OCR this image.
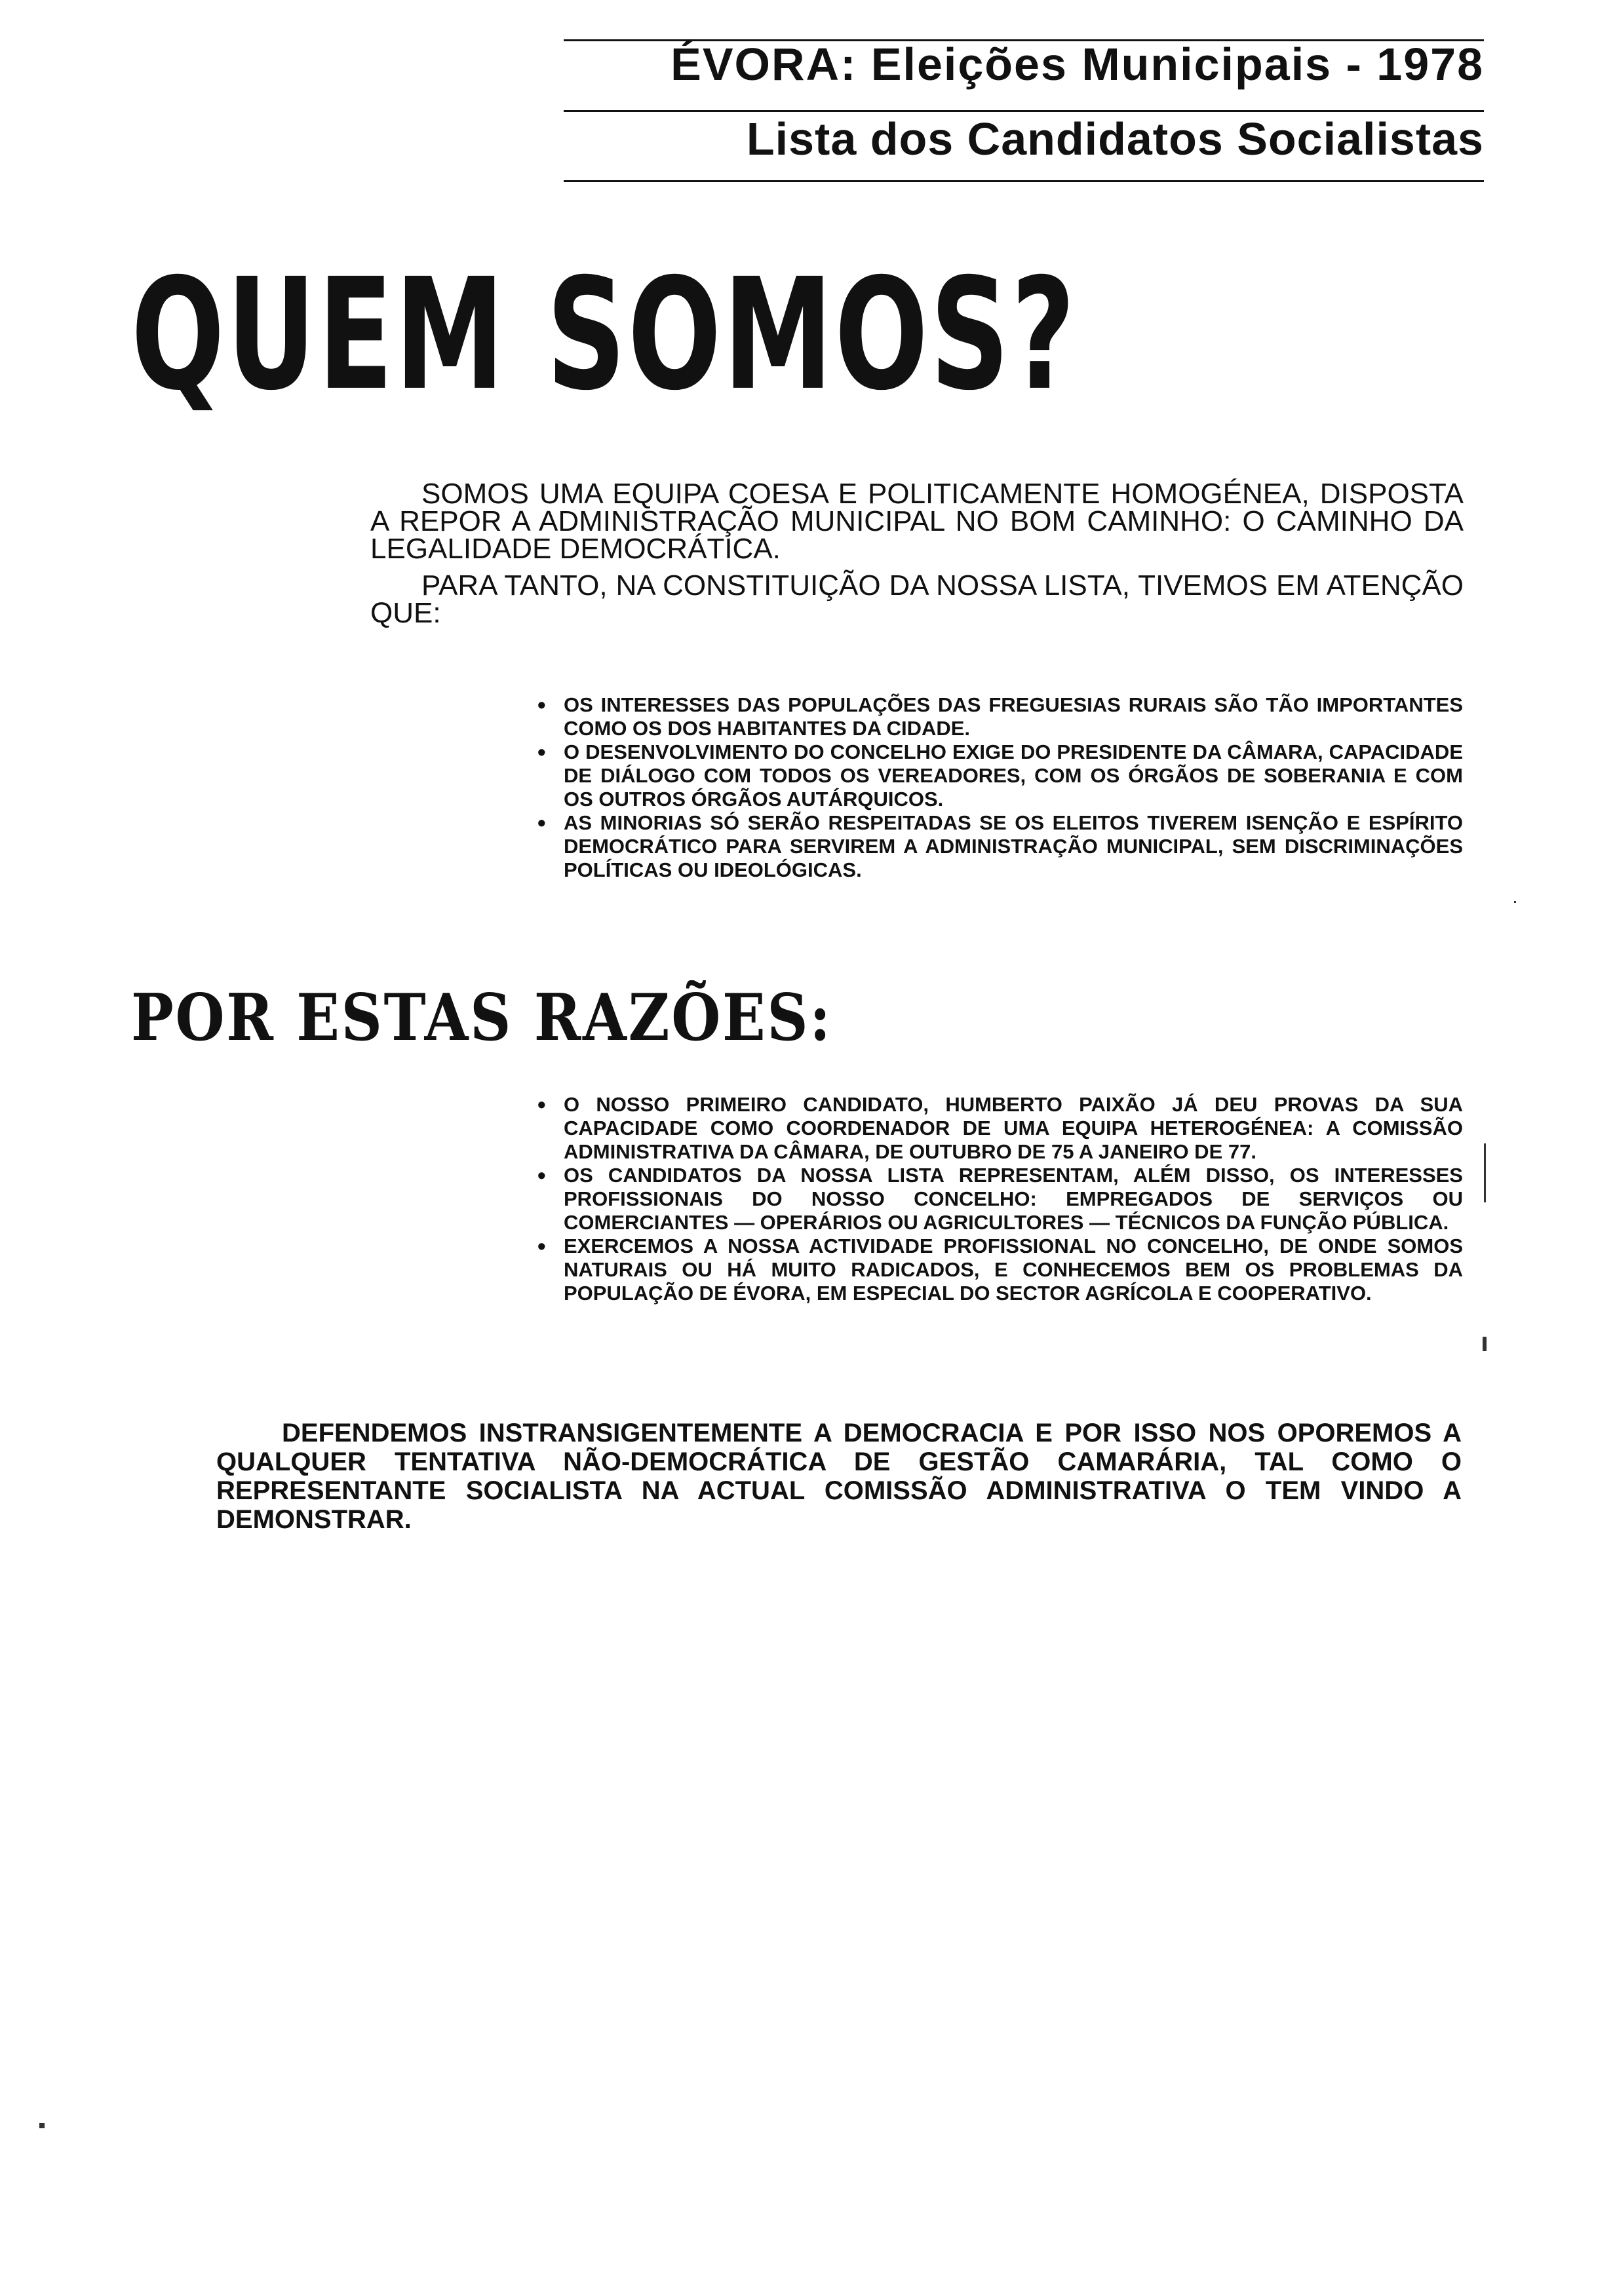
ÉVORA: Eleições Municipais - 1978
Lista dos Candidatos Socialistas
QUEM SOMOS?

SOMOS UMA EQUIPA COESA E POLITICAMENTE HOMOGÉNEA, DISPOSTA A REPOR A ADMINISTRAÇÃO MUNICIPAL NO BOM CAMINHO: O CAMINHO DA LEGALIDADE DEMOCRÁTICA.

PARA TANTO, NA CONSTITUIÇÃO DA NOSSA LISTA, TIVEMOS EM ATENÇÃO QUE:

• OS INTERESSES DAS POPULAÇÕES DAS FREGUESIAS RURAIS SÃO TÃO IMPORTANTES COMO OS DOS HABITANTES DA CIDADE.
• O DESENVOLVIMENTO DO CONCELHO EXIGE DO PRESIDENTE DA CÂMARA, CAPACIDADE DE DIÁLOGO COM TODOS OS VEREADORES, COM OS ÓRGÃOS DE SOBERANIA E COM OS OUTROS ÓRGÃOS AUTÁRQUICOS.
• AS MINORIAS SÓ SERÃO RESPEITADAS SE OS ELEITOS TIVEREM ISENÇÃO E ESPÍRITO DEMOCRÁTICO PARA SERVIREM A ADMINISTRAÇÃO MUNICIPAL, SEM DISCRIMINAÇÕES POLÍTICAS OU IDEOLÓGICAS.
POR ESTAS RAZÕES:
• O NOSSO PRIMEIRO CANDIDATO, HUMBERTO PAIXÃO JÁ DEU PROVAS DA SUA CAPACIDADE COMO COORDENADOR DE UMA EQUIPA HETEROGÉNEA: A COMISSÃO ADMINISTRATIVA DA CÂMARA, DE OUTUBRO DE 75 A JANEIRO DE 77.
• OS CANDIDATOS DA NOSSA LISTA REPRESENTAM, ALÉM DISSO, OS INTERESSES PROFISSIONAIS DO NOSSO CONCELHO: EMPREGADOS DE SERVIÇOS OU COMERCIANTES — OPERÁRIOS OU AGRICULTORES — TÉCNICOS DA FUNÇÃO PÚBLICA.
• EXERCEMOS A NOSSA ACTIVIDADE PROFISSIONAL NO CONCELHO, DE ONDE SOMOS NATURAIS OU HÁ MUITO RADICADOS, E CONHECEMOS BEM OS PROBLEMAS DA POPULAÇÃO DE ÉVORA, EM ESPECIAL DO SECTOR AGRÍCOLA E COOPERATIVO.

DEFENDEMOS INSTRANSIGENTEMENTE A DEMOCRACIA E POR ISSO NOS OPOREMOS A QUALQUER TENTATIVA NÃO-DEMOCRÁTICA DE GESTÃO CAMARÁRIA, TAL COMO O REPRESENTANTE SOCIALISTA NA ACTUAL COMISSÃO ADMINISTRATIVA O TEM VINDO A DEMONSTRAR.
